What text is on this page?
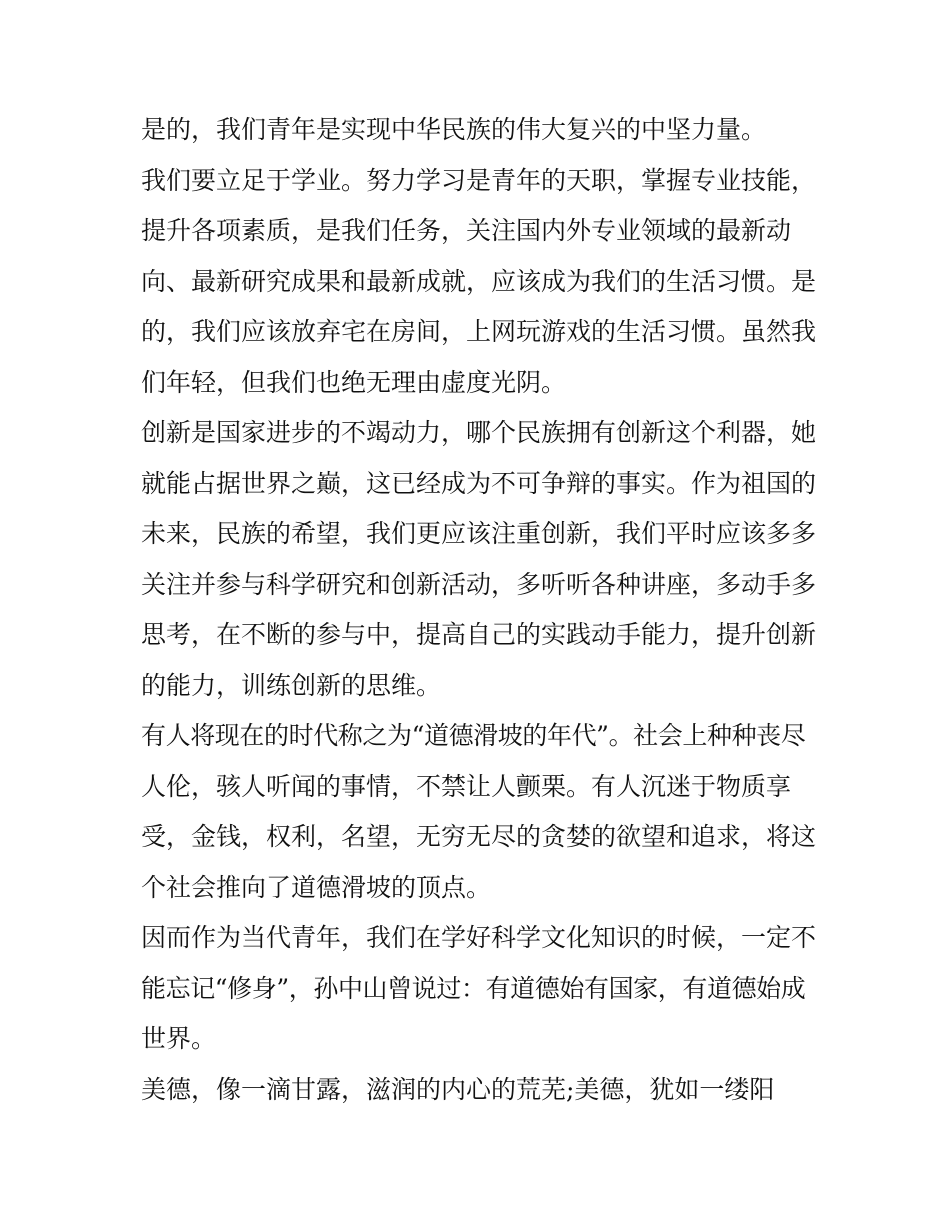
是的，我们青年是实现中华民族的伟大复兴的中坚力量。
我们要立足于学业。努力学习是青年的天职，掌握专业技能，
提升各项素质，是我们任务，关注国内外专业领域的最新动
向、最新研究成果和最新成就，应该成为我们的生活习惯。是
的，我们应该放弃宅在房间，上网玩游戏的生活习惯。虽然我
们年轻，但我们也绝无理由虚度光阴。
创新是国家进步的不竭动力，哪个民族拥有创新这个利器，她
就能占据世界之巅，这已经成为不可争辩的事实。作为祖国的
未来，民族的希望，我们更应该注重创新，我们平时应该多多
关注并参与科学研究和创新活动，多听听各种讲座，多动手多
思考，在不断的参与中，提高自己的实践动手能力，提升创新
的能力，训练创新的思维。
有人将现在的时代称之为“道德滑坡的年代”。社会上种种丧尽
人伦，骇人听闻的事情，不禁让人颤栗。有人沉迷于物质享
受，金钱，权利，名望，无穷无尽的贪婪的欲望和追求，将这
个社会推向了道德滑坡的顶点。
因而作为当代青年，我们在学好科学文化知识的时候，一定不
能忘记“修身”，孙中山曾说过：有道德始有国家，有道德始成
世界。
美德，像一滴甘露，滋润的内心的荒芜;美德，犹如一缕阳
